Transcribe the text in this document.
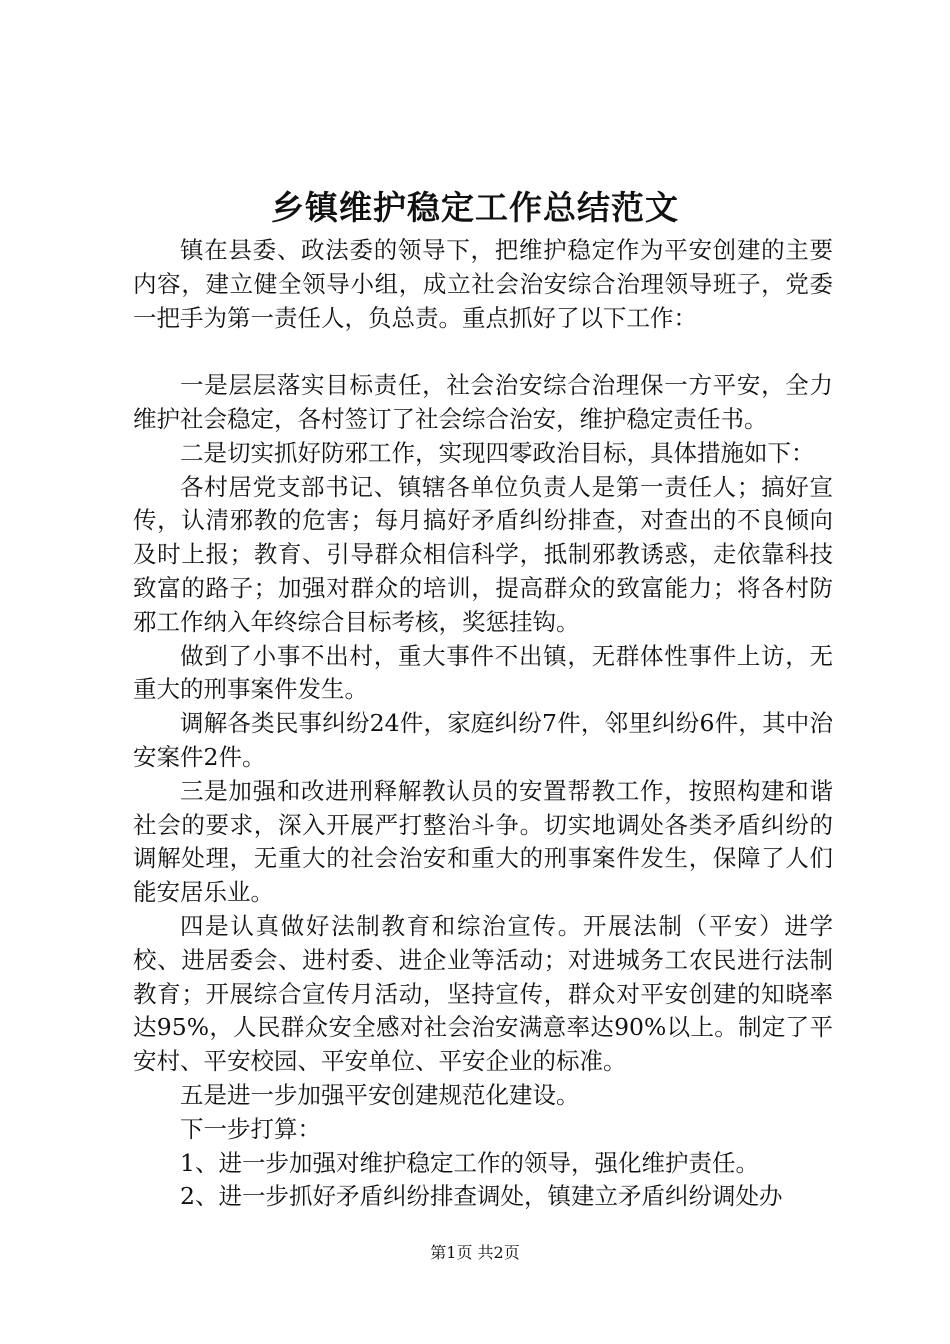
乡镇维护稳定工作总结范文

镇在县委、政法委的领导下，把维护稳定作为平安创建的主要内容，建立健全领导小组，成立社会治安综合治理领导班子，党委一把手为第一责任人，负总责。重点抓好了以下工作：

一是层层落实目标责任，社会治安综合治理保一方平安，全力维护社会稳定，各村签订了社会综合治安，维护稳定责任书。

二是切实抓好防邪工作，实现四零政治目标，具体措施如下：

各村居党支部书记、镇辖各单位负责人是第一责任人；搞好宣传，认清邪教的危害；每月搞好矛盾纠纷排查，对查出的不良倾向及时上报；教育、引导群众相信科学，抵制邪教诱惑，走依靠科技致富的路子；加强对群众的培训，提高群众的致富能力；将各村防邪工作纳入年终综合目标考核，奖惩挂钩。

做到了小事不出村，重大事件不出镇，无群体性事件上访，无重大的刑事案件发生。

调解各类民事纠纷24件，家庭纠纷7件，邻里纠纷6件，其中治安案件2件。

三是加强和改进刑释解教认员的安置帮教工作，按照构建和谐社会的要求，深入开展严打整治斗争。切实地调处各类矛盾纠纷的调解处理，无重大的社会治安和重大的刑事案件发生，保障了人们能安居乐业。

四是认真做好法制教育和综治宣传。开展法制（平安）进学校、进居委会、进村委、进企业等活动；对进城务工农民进行法制教育；开展综合宣传月活动，坚持宣传，群众对平安创建的知晓率达95%，人民群众安全感对社会治安满意率达90%以上。制定了平安村、平安校园、平安单位、平安企业的标准。

五是进一步加强平安创建规范化建设。

下一步打算：

1、进一步加强对维护稳定工作的领导，强化维护责任。

2、进一步抓好矛盾纠纷排查调处，镇建立矛盾纠纷调处办

第1页 共2页
